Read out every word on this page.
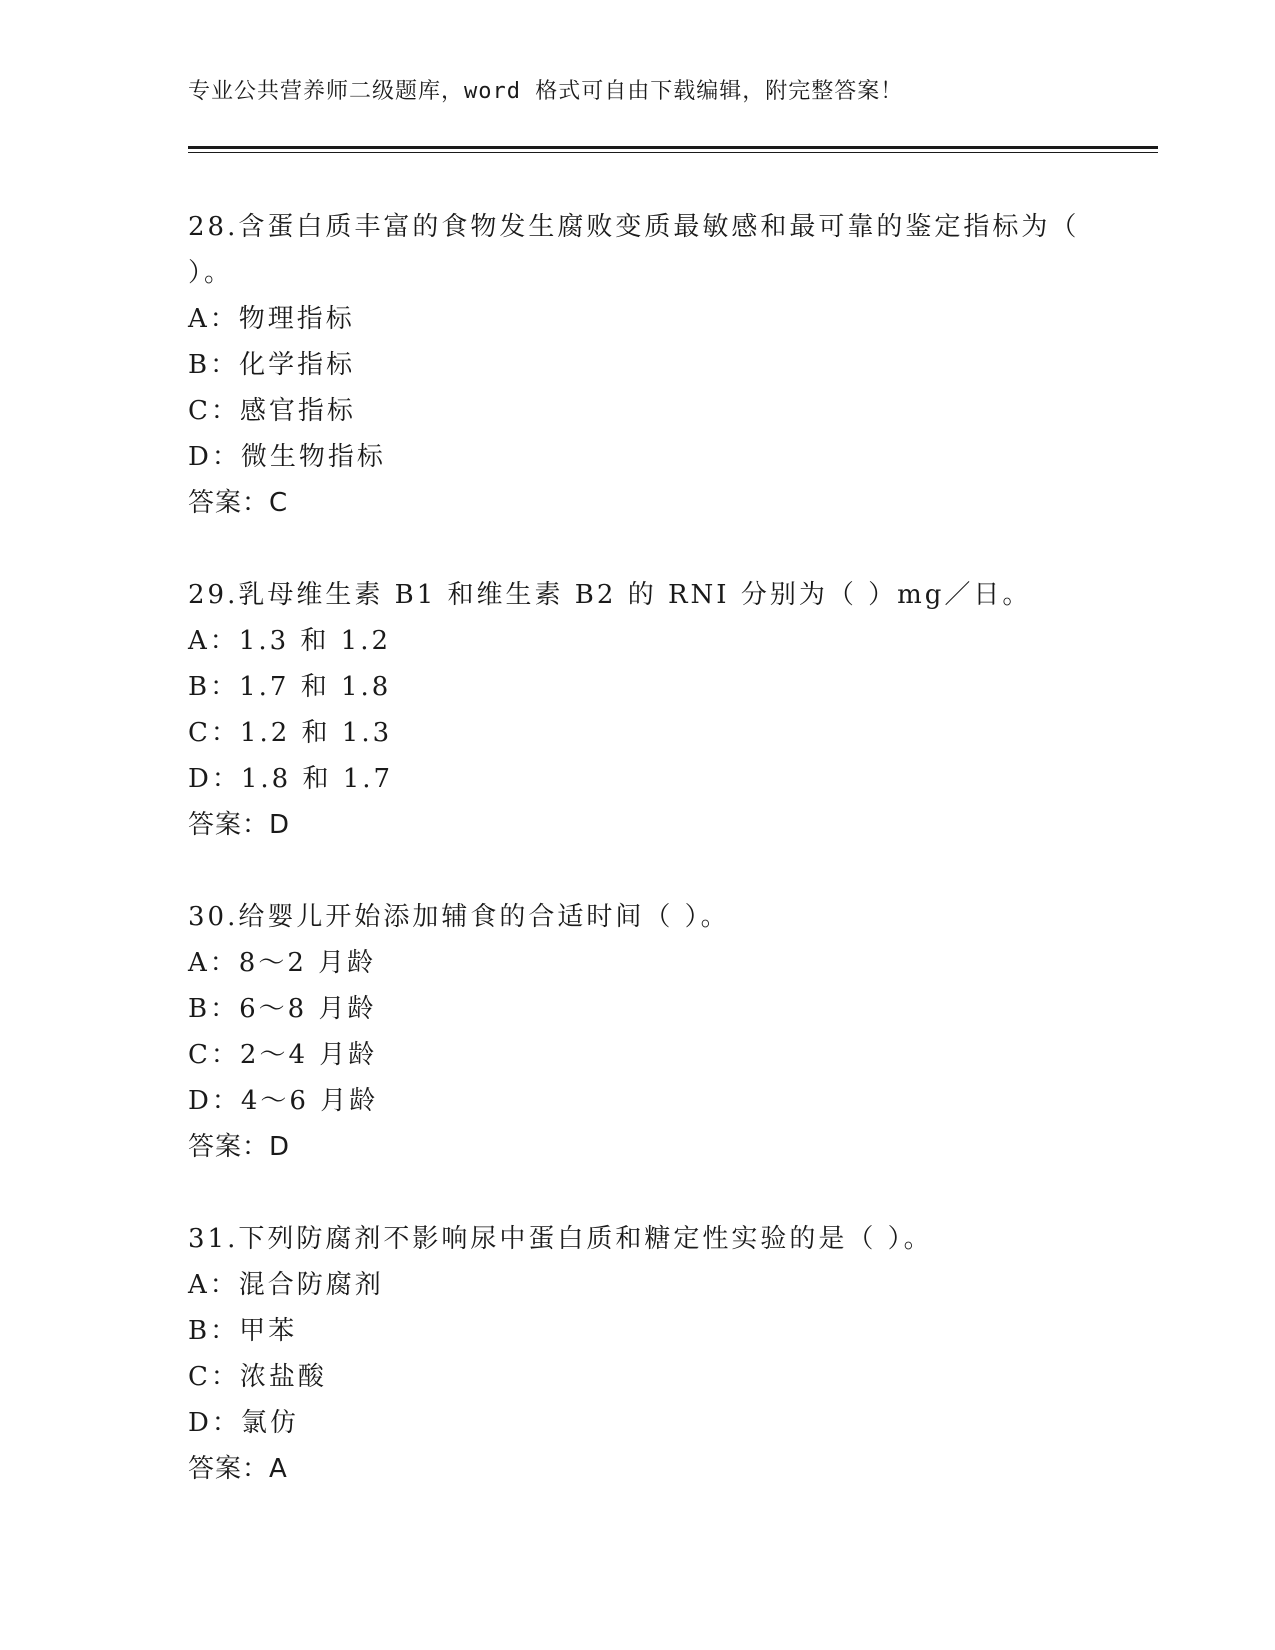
专业公共营养师二级题库，word 格式可自由下载编辑，附完整答案！

28.含蛋白质丰富的食物发生腐败变质最敏感和最可靠的鉴定指标为（ ）。

A：物理指标
B：化学指标
C：感官指标
D：微生物指标
答案：C

29.乳母维生素 B1 和维生素 B2 的 RNI 分别为（ ）mg／日。

A：1.3 和 1.2
B：1.7 和 1.8
C：1.2 和 1.3
D：1.8 和 1.7
答案：D

30.给婴儿开始添加辅食的合适时间（ ）。

A：8～2 月龄
B：6～8 月龄
C：2～4 月龄
D：4～6 月龄
答案：D

31.下列防腐剂不影响尿中蛋白质和糖定性实验的是（ ）。

A：混合防腐剂
B：甲苯
C：浓盐酸
D：氯仿
答案：A
